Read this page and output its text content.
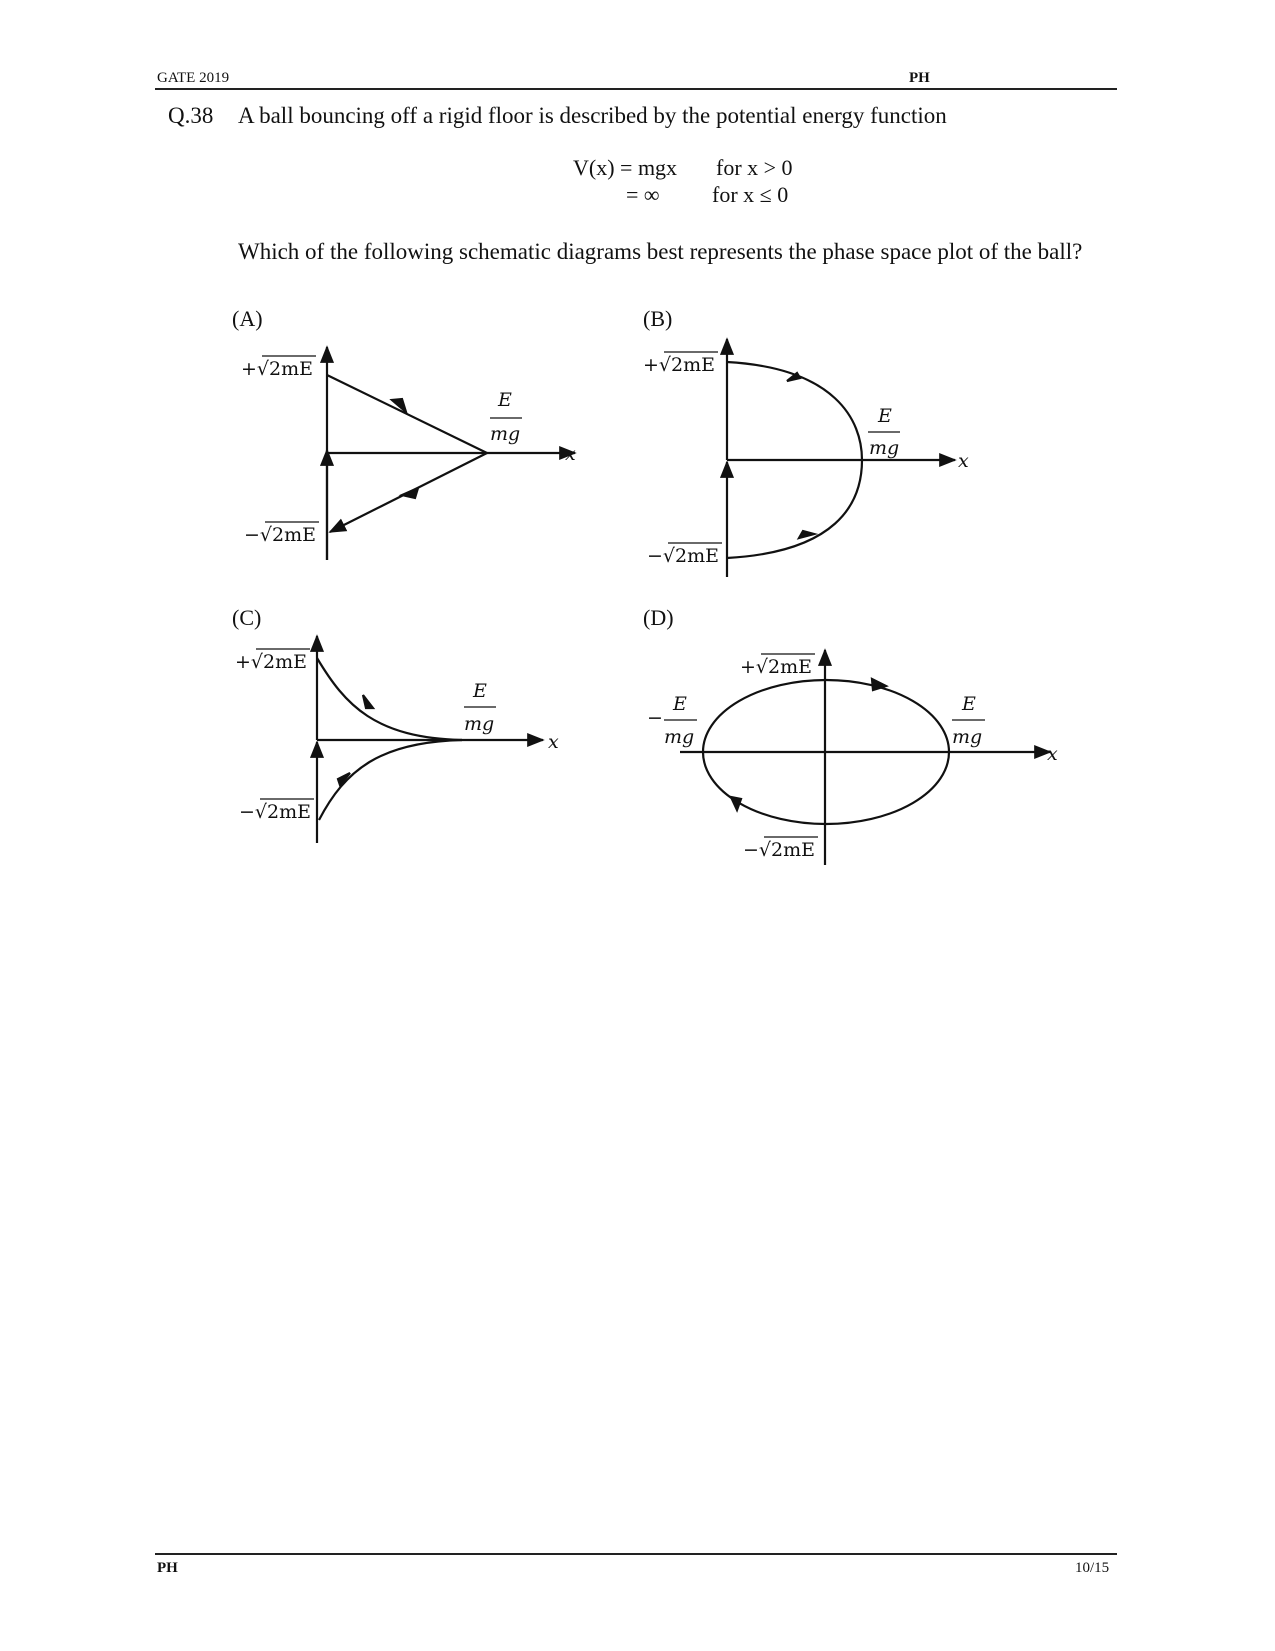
GATE 2019	PH
Q.38 A ball bouncing off a rigid floor is described by the potential energy function
V(x) = mgx for x > 0
= ∞ for x ≤ 0
Which of the following schematic diagrams best represents the phase space plot of the ball?
(A)	(B)
(C)	(D)
+√2mE
−√2mE
E
mg
x
+√2mE
−√2mE
E
mg
x
+√2mE
−√2mE
E
mg
x
+√2mE
−√2mE
−
E
mg
E
mg
x
PH	10/15
